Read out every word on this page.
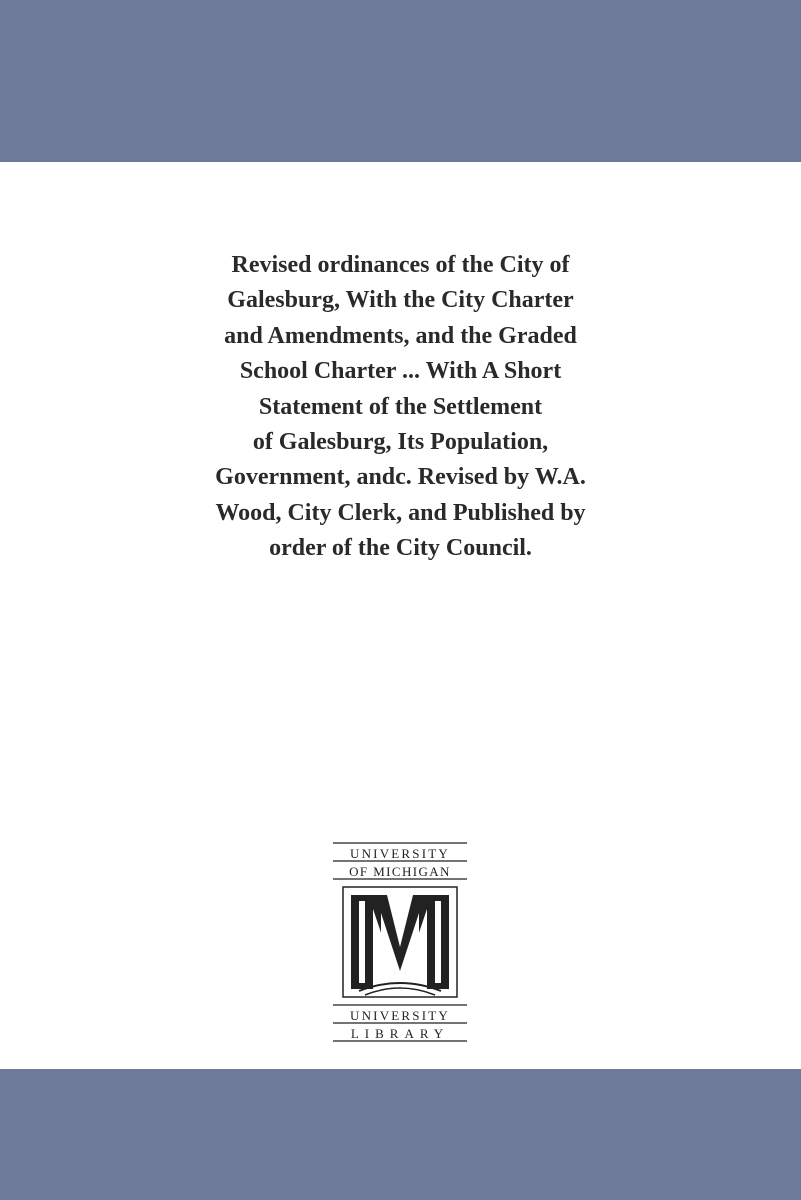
Revised ordinances of the City of
Galesburg, With the City Charter
and Amendments, and the Graded
School Charter ... With A Short
Statement of the Settlement
of Galesburg, Its Population,
Government, andc. Revised by W.A.
Wood, City Clerk, and Published by
order of the City Council.
UNIVERSITY
OF MICHIGAN
UNIVERSITY
LIBRARY
